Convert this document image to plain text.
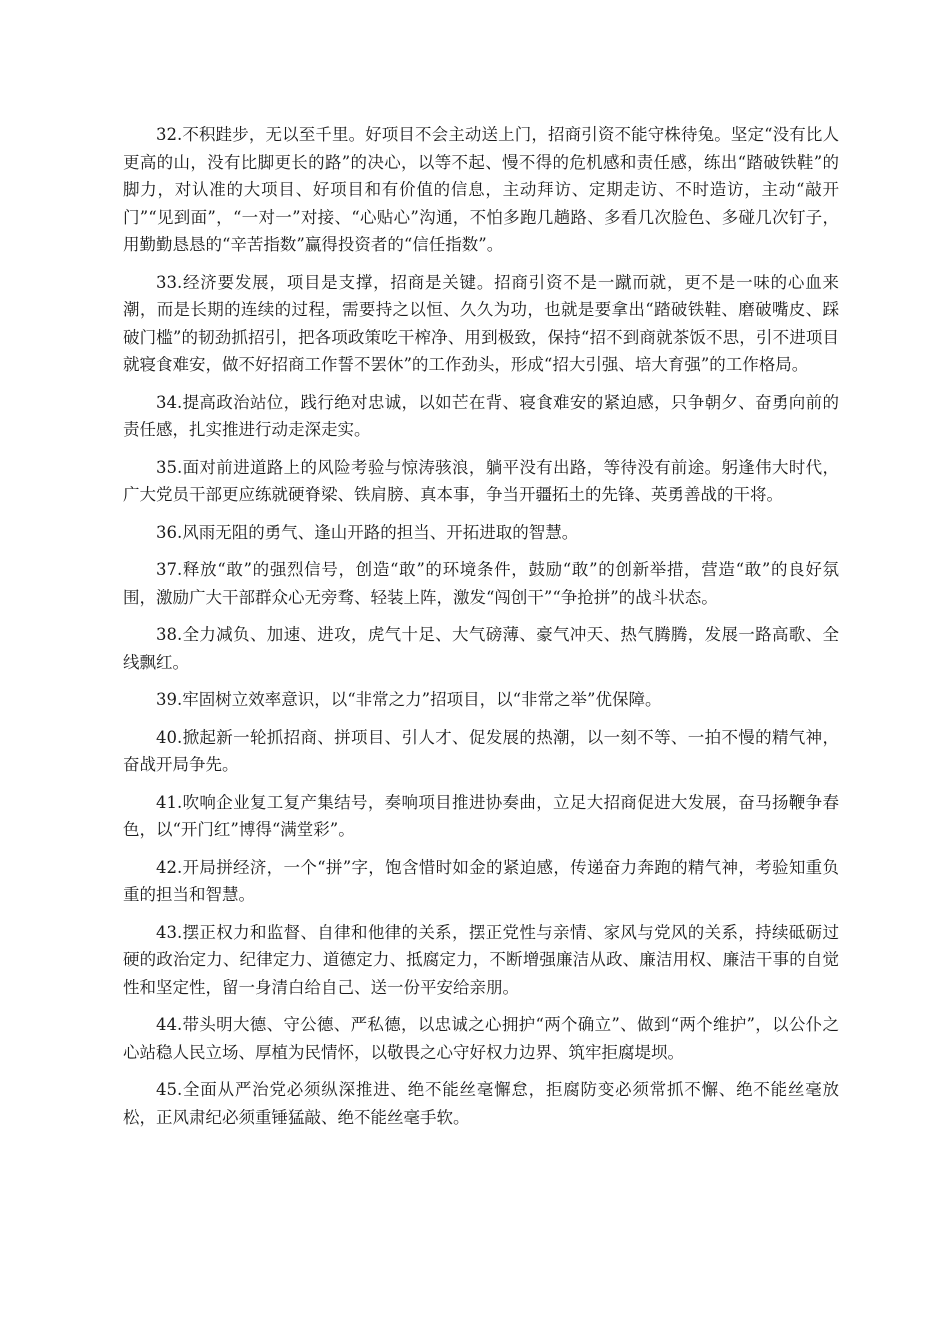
32.不积跬步，无以至千里。好项目不会主动送上门，招商引资不能守株待兔。坚定“没有比人更高的山，没有比脚更长的路”的决心，以等不起、慢不得的危机感和责任感，练出“踏破铁鞋”的脚力，对认准的大项目、好项目和有价值的信息，主动拜访、定期走访、不时造访，主动“敲开门”“见到面”，“一对一”对接、“心贴心”沟通，不怕多跑几趟路、多看几次脸色、多碰几次钉子，用勤勤恳恳的“辛苦指数”赢得投资者的“信任指数”。

33.经济要发展，项目是支撑，招商是关键。招商引资不是一蹴而就，更不是一味的心血来潮，而是长期的连续的过程，需要持之以恒、久久为功，也就是要拿出“踏破铁鞋、磨破嘴皮、踩破门槛”的韧劲抓招引，把各项政策吃干榨净、用到极致，保持“招不到商就茶饭不思，引不进项目就寝食难安，做不好招商工作誓不罢休”的工作劲头，形成“招大引强、培大育强”的工作格局。

34.提高政治站位，践行绝对忠诚，以如芒在背、寝食难安的紧迫感，只争朝夕、奋勇向前的责任感，扎实推进行动走深走实。

35.面对前进道路上的风险考验与惊涛骇浪，躺平没有出路，等待没有前途。躬逢伟大时代，广大党员干部更应练就硬脊梁、铁肩膀、真本事，争当开疆拓土的先锋、英勇善战的干将。

36.风雨无阻的勇气、逢山开路的担当、开拓进取的智慧。

37.释放“敢”的强烈信号，创造“敢”的环境条件，鼓励“敢”的创新举措，营造“敢”的良好氛围，激励广大干部群众心无旁骛、轻装上阵，激发“闯创干”“争抢拼”的战斗状态。

38.全力减负、加速、进攻，虎气十足、大气磅薄、豪气冲天、热气腾腾，发展一路高歌、全线飘红。

39.牢固树立效率意识，以“非常之力”招项目，以“非常之举”优保障。

40.掀起新一轮抓招商、拼项目、引人才、促发展的热潮，以一刻不等、一拍不慢的精气神，奋战开局争先。

41.吹响企业复工复产集结号，奏响项目推进协奏曲，立足大招商促进大发展，奋马扬鞭争春色，以“开门红”博得“满堂彩”。

42.开局拼经济，一个“拼”字，饱含惜时如金的紧迫感，传递奋力奔跑的精气神，考验知重负重的担当和智慧。

43.摆正权力和监督、自律和他律的关系，摆正党性与亲情、家风与党风的关系，持续砥砺过硬的政治定力、纪律定力、道德定力、抵腐定力，不断增强廉洁从政、廉洁用权、廉洁干事的自觉性和坚定性，留一身清白给自己、送一份平安给亲朋。

44.带头明大德、守公德、严私德，以忠诚之心拥护“两个确立”、做到“两个维护”，以公仆之心站稳人民立场、厚植为民情怀，以敬畏之心守好权力边界、筑牢拒腐堤坝。

45.全面从严治党必须纵深推进、绝不能丝毫懈怠，拒腐防变必须常抓不懈、绝不能丝毫放松，正风肃纪必须重锤猛敲、绝不能丝毫手软。
